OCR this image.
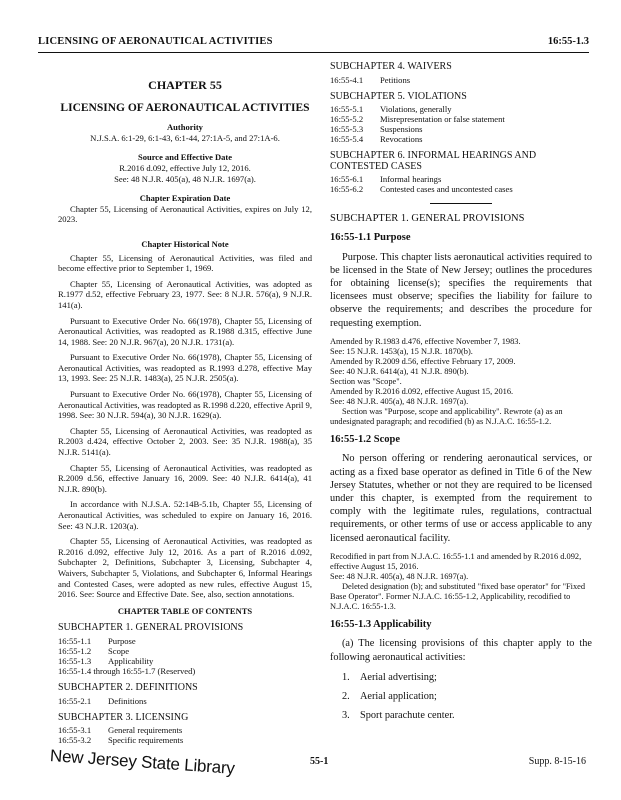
LICENSING OF AERONAUTICAL ACTIVITIES	16:55-1.3
CHAPTER 55
LICENSING OF AERONAUTICAL ACTIVITIES
Authority
N.J.S.A. 6:1-29, 6:1-43, 6:1-44, 27:1A-5, and 27:1A-6.
Source and Effective Date
R.2016 d.092, effective July 12, 2016.
See: 48 N.J.R. 405(a), 48 N.J.R. 1697(a).
Chapter Expiration Date

Chapter 55, Licensing of Aeronautical Activities, expires on July 12, 2023.

Chapter Historical Note

Chapter 55, Licensing of Aeronautical Activities, was filed and become effective prior to September 1, 1969.

Chapter 55, Licensing of Aeronautical Activities, was adopted as R.1977 d.52, effective February 23, 1977. See: 8 N.J.R. 576(a), 9 N.J.R. 141(a).

Pursuant to Executive Order No. 66(1978), Chapter 55, Licensing of Aeronautical Activities, was readopted as R.1988 d.315, effective June 14, 1988. See: 20 N.J.R. 967(a), 20 N.J.R. 1731(a).

Pursuant to Executive Order No. 66(1978), Chapter 55, Licensing of Aeronautical Activities, was readopted as R.1993 d.278, effective May 13, 1993. See: 25 N.J.R. 1483(a), 25 N.J.R. 2505(a).

Pursuant to Executive Order No. 66(1978), Chapter 55, Licensing of Aeronautical Activities, was readopted as R.1998 d.220, effective April 9, 1998. See: 30 N.J.R. 594(a), 30 N.J.R. 1629(a).

Chapter 55, Licensing of Aeronautical Activities, was readopted as R.2003 d.424, effective October 2, 2003. See: 35 N.J.R. 1988(a), 35 N.J.R. 5141(a).

Chapter 55, Licensing of Aeronautical Activities, was readopted as R.2009 d.56, effective January 16, 2009. See: 40 N.J.R. 6414(a), 41 N.J.R. 890(b).

In accordance with N.J.S.A. 52:14B-5.1b, Chapter 55, Licensing of Aeronautical Activities, was scheduled to expire on January 16, 2016. See: 43 N.J.R. 1203(a).

Chapter 55, Licensing of Aeronautical Activities, was readopted as R.2016 d.092, effective July 12, 2016. As a part of R.2016 d.092, Subchapter 2, Definitions, Subchapter 3, Licensing, Subchapter 4, Waivers, Subchapter 5, Violations, and Subchapter 6, Informal Hearings and Contested Cases, were adopted as new rules, effective August 15, 2016. See: Source and Effective Date. See, also, section annotations.

CHAPTER TABLE OF CONTENTS
SUBCHAPTER 1. GENERAL PROVISIONS
16:55-1.1	Purpose
16:55-1.2	Scope
16:55-1.3	Applicability
16:55-1.4 through 16:55-1.7 (Reserved)
SUBCHAPTER 2. DEFINITIONS
16:55-2.1	Definitions
SUBCHAPTER 3. LICENSING
16:55-3.1	General requirements
16:55-3.2	Specific requirements
SUBCHAPTER 4. WAIVERS
16:55-4.1	Petitions
SUBCHAPTER 5. VIOLATIONS
16:55-5.1	Violations, generally
16:55-5.2	Misrepresentation or false statement
16:55-5.3	Suspensions
16:55-5.4	Revocations
SUBCHAPTER 6. INFORMAL HEARINGS AND CONTESTED CASES
16:55-6.1	Informal hearings
16:55-6.2	Contested cases and uncontested cases
SUBCHAPTER 1. GENERAL PROVISIONS
16:55-1.1 Purpose

Purpose. This chapter lists aeronautical activities required to be licensed in the State of New Jersey; outlines the procedures for obtaining license(s); specifies the requirements that licensees must observe; specifies the liability for failure to observe the requirements; and describes the procedure for requesting exemption.

Amended by R.1983 d.476, effective November 7, 1983.

See: 15 N.J.R. 1453(a), 15 N.J.R. 1870(b).

Amended by R.2009 d.56, effective February 17, 2009.

See: 40 N.J.R. 6414(a), 41 N.J.R. 890(b).

Section was "Scope".

Amended by R.2016 d.092, effective August 15, 2016.

See: 48 N.J.R. 405(a), 48 N.J.R. 1697(a).

Section was "Purpose, scope and applicability". Rewrote (a) as an undesignated paragraph; and recodified (b) as N.J.A.C. 16:55-1.2.

16:55-1.2 Scope

No person offering or rendering aeronautical services, or acting as a fixed base operator as defined in Title 6 of the New Jersey Statutes, whether or not they are required to be licensed under this chapter, is exempted from the requirement to comply with the legitimate rules, regulations, contractual requirements, or other terms of use or access applicable to any licensed aeronautical facility.

Recodified in part from N.J.A.C. 16:55-1.1 and amended by R.2016 d.092, effective August 15, 2016.

See: 48 N.J.R. 405(a), 48 N.J.R. 1697(a).

Deleted designation (b); and substituted "fixed base operator" for "Fixed Base Operator". Former N.J.A.C. 16:55-1.2, Applicability, recodified to N.J.A.C. 16:55-1.3.

16:55-1.3 Applicability

(a) The licensing provisions of this chapter apply to the following aeronautical activities:

1. Aerial advertising;
2. Aerial application;
3. Sport parachute center.
New Jersey State Library	55-1	Supp. 8-15-16
